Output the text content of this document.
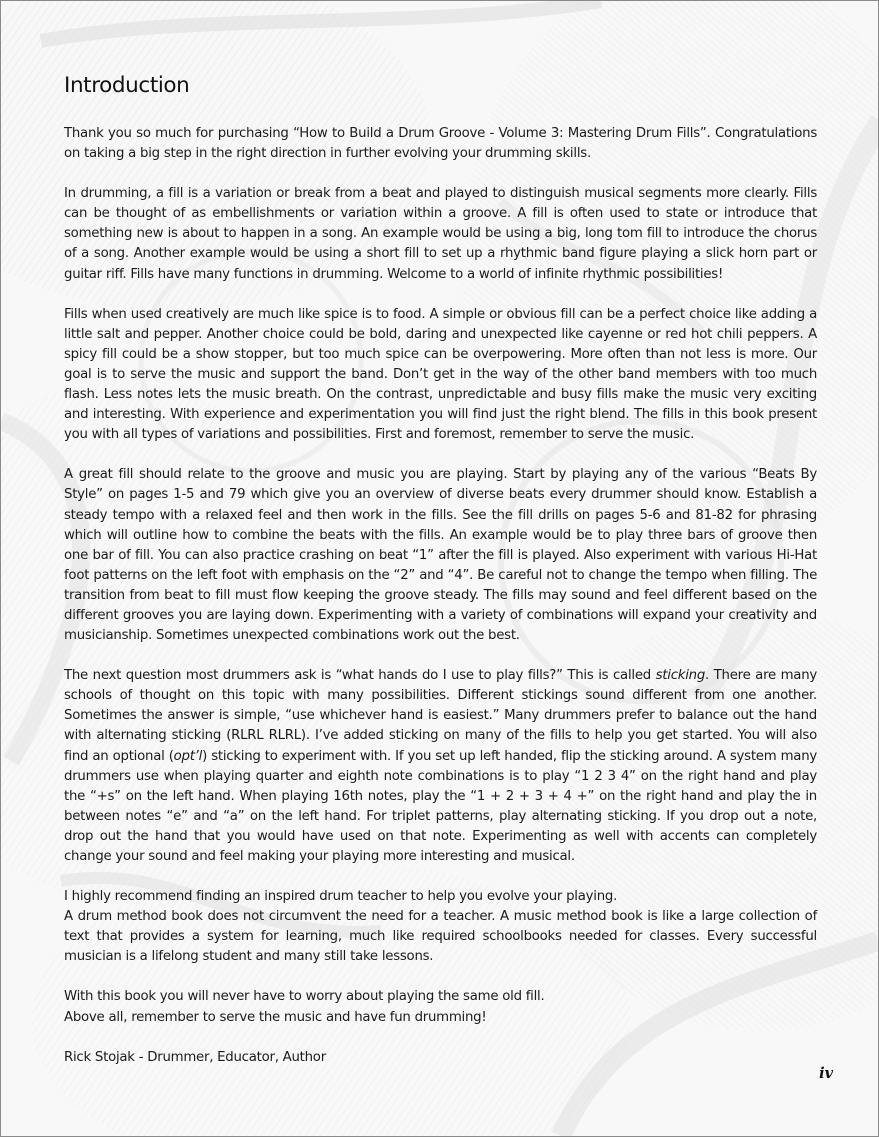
Introduction

Thank you so much for purchasing “How to Build a Drum Groove - Volume 3: Mastering Drum Fills”. Congratulations on taking a big step in the right direction in further evolving your drumming skills.

In drumming, a fill is a variation or break from a beat and played to distinguish musical segments more clearly. Fills can be thought of as embellishments or variation within a groove. A fill is often used to state or introduce that something new is about to happen in a song. An example would be using a big, long tom fill to introduce the chorus of a song. Another example would be using a short fill to set up a rhythmic band figure playing a slick horn part or guitar riff. Fills have many functions in drumming. Welcome to a world of infinite rhythmic possibilities!

Fills when used creatively are much like spice is to food. A simple or obvious fill can be a perfect choice like adding a little salt and pepper. Another choice could be bold, daring and unexpected like cayenne or red hot chili peppers. A spicy fill could be a show stopper, but too much spice can be overpowering. More often than not less is more. Our goal is to serve the music and support the band. Don’t get in the way of the other band members with too much flash. Less notes lets the music breath. On the contrast, unpredictable and busy fills make the music very exciting and interesting. With experience and experimentation you will find just the right blend. The fills in this book present you with all types of variations and possibilities. First and foremost, remember to serve the music.

A great fill should relate to the groove and music you are playing. Start by playing any of the various “Beats By Style” on pages 1-5 and 79 which give you an overview of diverse beats every drummer should know. Establish a steady tempo with a relaxed feel and then work in the fills. See the fill drills on pages 5-6 and 81-82 for phrasing which will outline how to combine the beats with the fills. An example would be to play three bars of groove then one bar of fill. You can also practice crashing on beat “1” after the fill is played. Also experiment with various Hi-Hat foot patterns on the left foot with emphasis on the “2” and “4”. Be careful not to change the tempo when filling. The transition from beat to fill must flow keeping the groove steady. The fills may sound and feel different based on the different grooves you are laying down. Experimenting with a variety of combinations will expand your creativity and musicianship. Sometimes unexpected combinations work out the best.

The next question most drummers ask is “what hands do I use to play fills?” This is called sticking. There are many schools of thought on this topic with many possibilities. Different stickings sound different from one another. Sometimes the answer is simple, “use whichever hand is easiest.” Many drummers prefer to balance out the hand with alternating sticking (RLRL RLRL). I’ve added sticking on many of the fills to help you get started. You will also find an optional (opt’l) sticking to experiment with. If you set up left handed, flip the sticking around. A system many drummers use when playing quarter and eighth note combinations is to play “1 2 3 4” on the right hand and play the “+s” on the left hand. When playing 16th notes, play the “1 + 2 + 3 + 4 +” on the right hand and play the in between notes “e” and “a” on the left hand. For triplet patterns, play alternating sticking. If you drop out a note, drop out the hand that you would have used on that note. Experimenting as well with accents can completely change your sound and feel making your playing more interesting and musical.

I highly recommend finding an inspired drum teacher to help you evolve your playing.

A drum method book does not circumvent the need for a teacher. A music method book is like a large collection of text that provides a system for learning, much like required schoolbooks needed for classes. Every successful musician is a lifelong student and many still take lessons.

With this book you will never have to worry about playing the same old fill.

Above all, remember to serve the music and have fun drumming!

Rick Stojak - Drummer, Educator, Author

iv
